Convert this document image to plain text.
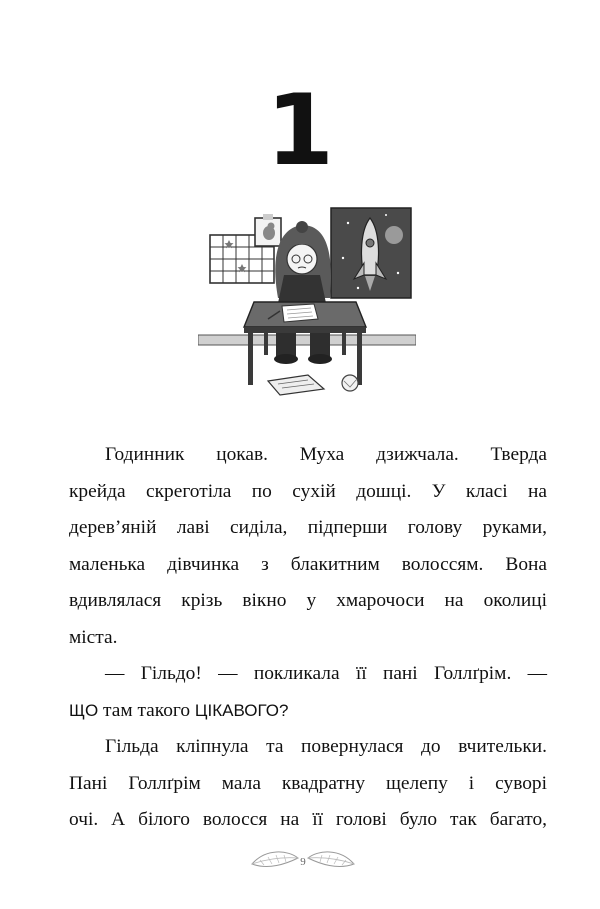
1

Годинник цокав. Муха дзижчала. Тверда

крейда скреготіла по сухій дошці. У класі на

дерев’яній лаві сиділа, підперши голову руками,

маленька дівчинка з блакитним волоссям. Вона

вдивлялася крізь вікно у хмарочоси на околиці

міста.

— Гільдо! — покликала її пані Голлґрім. —

ЩО там такого ЦІКАВОГО?

Гільда кліпнула та повернулася до вчительки.

Пані Голлґрім мала квадратну щелепу і суворі

очі. А білого волосся на її голові було так багато,

9
